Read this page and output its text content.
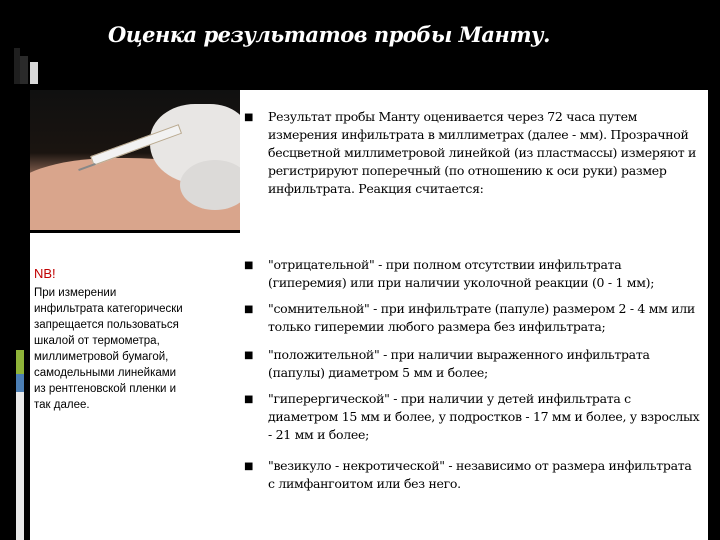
Оценка результатов пробы Манту.
NB!
При измерении инфильтрата категорически запрещается пользоваться шкалой от термометра, миллиметровой бумагой, самодельными линейками из рентгеновской пленки и так далее.
■ Результат пробы Манту оценивается через 72 часа путем измерения инфильтрата в миллиметрах (далее - мм). Прозрачной бесцветной миллиметровой линейкой (из пластмассы) измеряют и регистрируют поперечный (по отношению к оси руки) размер инфильтрата. Реакция считается:
■ "отрицательной" - при полном отсутствии инфильтрата (гиперемия) или при наличии уколочной реакции (0 - 1 мм);
■ "сомнительной" - при инфильтрате (папуле) размером 2 - 4 мм или только гиперемии любого размера без инфильтрата;
■ "положительной" - при наличии выраженного инфильтрата (папулы) диаметром 5 мм и более;
■ "гиперергической" - при наличии у детей инфильтрата с диаметром 15 мм и более, у подростков - 17 мм и более, у взрослых - 21 мм и более;
■ "везикуло - некротической" - независимо от размера инфильтрата с лимфангоитом или без него.
